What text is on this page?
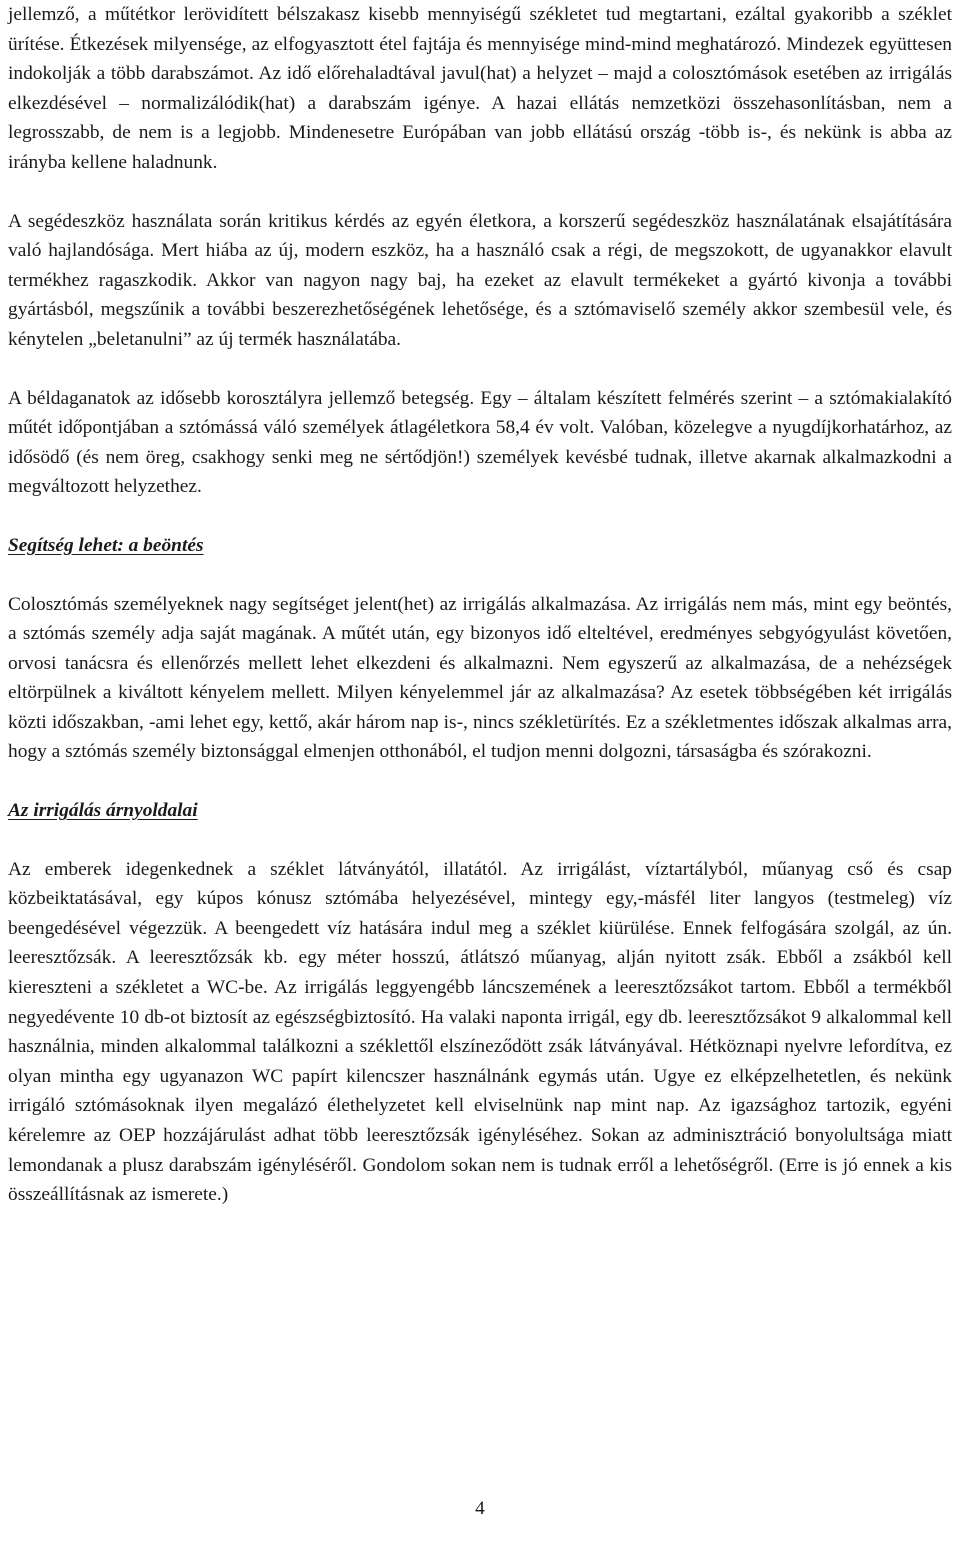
jellemző, a műtétkor lerövidített bélszakasz kisebb mennyiségű székletet tud megtartani, ezáltal gyakoribb a széklet ürítése. Étkezések milyensége, az elfogyasztott étel fajtája és mennyisége mind-mind meghatározó. Mindezek együttesen indokolják a több darabszámot. Az idő előrehaladtával javul(hat) a helyzet – majd a colosztómások esetében az irrigálás elkezdésével – normalizálódik(hat) a darabszám igénye. A hazai ellátás nemzetközi összehasonlításban, nem a legrosszabb, de nem is a legjobb. Mindenesetre Európában van jobb ellátású ország -több is-, és nekünk is abba az irányba kellene haladnunk.

A segédeszköz használata során kritikus kérdés az egyén életkora, a korszerű segédeszköz használatának elsajátítására való hajlandósága. Mert hiába az új, modern eszköz, ha a használó csak a régi, de megszokott, de ugyanakkor elavult termékhez ragaszkodik. Akkor van nagyon nagy baj, ha ezeket az elavult termékeket a gyártó kivonja a további gyártásból, megszűnik a további beszerezhetőségének lehetősége, és a sztómaviselő személy akkor szembesül vele, és kénytelen „beletanulni” az új termék használatába.

A béldaganatok az idősebb korosztályra jellemző betegség. Egy – általam készített felmérés szerint – a sztómakialakító műtét időpontjában a sztómássá váló személyek átlagéletkora 58,4 év volt. Valóban, közelegve a nyugdíjkorhatárhoz, az idősödő (és nem öreg, csakhogy senki meg ne sértődjön!) személyek kevésbé tudnak, illetve akarnak alkalmazkodni a megváltozott helyzethez.

Segítség lehet: a beöntés

Colosztómás személyeknek nagy segítséget jelent(het) az irrigálás alkalmazása. Az irrigálás nem más, mint egy beöntés, a sztómás személy adja saját magának. A műtét után, egy bizonyos idő elteltével, eredményes sebgyógyulást követően, orvosi tanácsra és ellenőrzés mellett lehet elkezdeni és alkalmazni. Nem egyszerű az alkalmazása, de a nehézségek eltörpülnek a kiváltott kényelem mellett. Milyen kényelemmel jár az alkalmazása? Az esetek többségében két irrigálás közti időszakban, -ami lehet egy, kettő, akár három nap is-, nincs székletürítés. Ez a székletmentes időszak alkalmas arra, hogy a sztómás személy biztonsággal elmenjen otthonából, el tudjon menni dolgozni, társaságba és szórakozni.

Az irrigálás árnyoldalai

Az emberek idegenkednek a széklet látványától, illatától. Az irrigálást, víztartályból, műanyag cső és csap közbeiktatásával, egy kúpos kónusz sztómába helyezésével, mintegy egy,-másfél liter langyos (testmeleg) víz beengedésével végezzük. A beengedett víz hatására indul meg a széklet kiürülése. Ennek felfogására szolgál, az ún. leeresztőzsák. A leeresztőzsák kb. egy méter hosszú, átlátszó műanyag, alján nyitott zsák. Ebből a zsákból kell kiereszteni a székletet a WC-be. Az irrigálás leggyengébb láncszemének a leeresztőzsákot tartom. Ebből a termékből negyedévente 10 db-ot biztosít az egészségbiztosító. Ha valaki naponta irrigál, egy db. leeresztőzsákot 9 alkalommal kell használnia, minden alkalommal találkozni a széklettől elszíneződött zsák látványával. Hétköznapi nyelvre lefordítva, ez olyan mintha egy ugyanazon WC papírt kilencszer használnánk egymás után. Ugye ez elképzelhetetlen, és nekünk irrigáló sztómásoknak ilyen megalázó élethelyzetet kell elviselnünk nap mint nap. Az igazsághoz tartozik, egyéni kérelemre az OEP hozzájárulást adhat több leeresztőzsák igényléséhez. Sokan az adminisztráció bonyolultsága miatt lemondanak a plusz darabszám igényléséről. Gondolom sokan nem is tudnak erről a lehetőségről. (Erre is jó ennek a kis összeállításnak az ismerete.)

4
